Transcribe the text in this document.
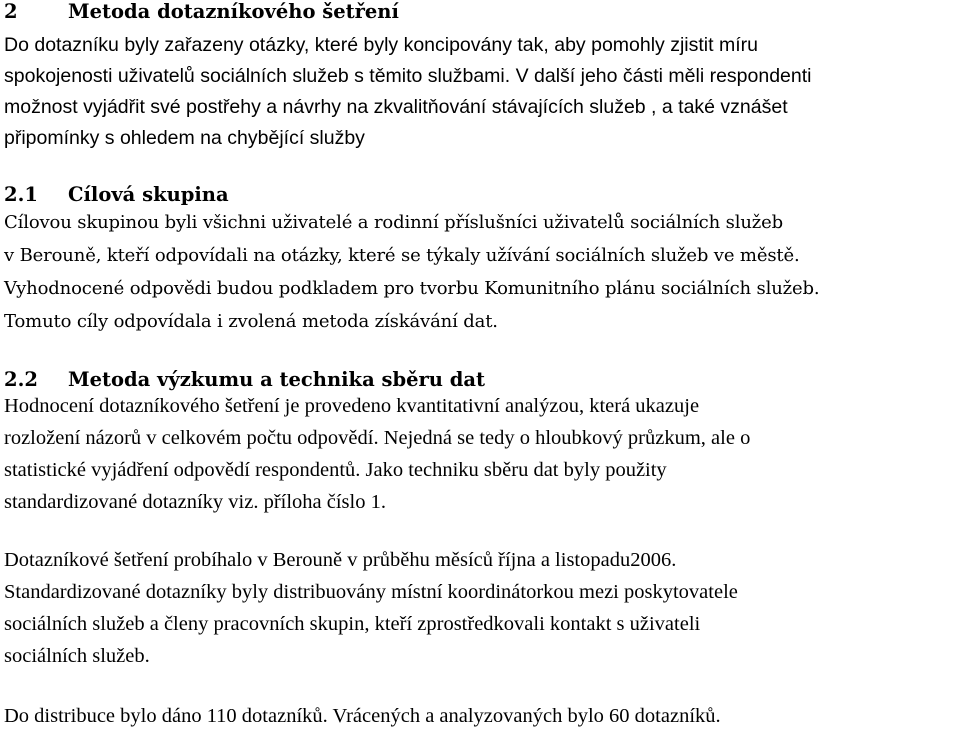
2	Metoda dotazníkového šetření
Do dotazníku byly zařazeny otázky, které byly koncipovány tak, aby pomohly zjistit míru
spokojenosti uživatelů sociálních služeb s těmito službami. V další jeho části měli respondenti
možnost vyjádřit své postřehy a návrhy na zkvalitňování stávajících služeb , a také vznášet
připomínky s ohledem na chybějící služby
2.1 Cílová skupina
Cílovou skupinou byli všichni uživatelé a rodinní příslušníci uživatelů sociálních služeb
v Berouně, kteří odpovídali na otázky, které se týkaly užívání sociálních služeb ve městě.
Vyhodnocené odpovědi budou podkladem pro tvorbu Komunitního plánu sociálních služeb.
Tomuto cíly odpovídala i zvolená metoda získávání dat.
2.2 Metoda výzkumu a technika sběru dat
Hodnocení dotazníkového šetření je provedeno kvantitativní analýzou, která ukazuje
rozložení názorů v celkovém počtu odpovědí. Nejedná se tedy o hloubkový průzkum, ale o
statistické vyjádření odpovědí respondentů. Jako techniku sběru dat byly použity
standardizované dotazníky viz. příloha číslo 1.
Dotazníkové šetření probíhalo v Berouně v průběhu měsíců října a listopadu2006.
Standardizované dotazníky byly distribuovány místní koordinátorkou mezi poskytovatele
sociálních služeb a členy pracovních skupin, kteří zprostředkovali kontakt s uživateli
sociálních služeb.
Do distribuce bylo dáno 110 dotazníků. Vrácených a analyzovaných bylo 60 dotazníků.
